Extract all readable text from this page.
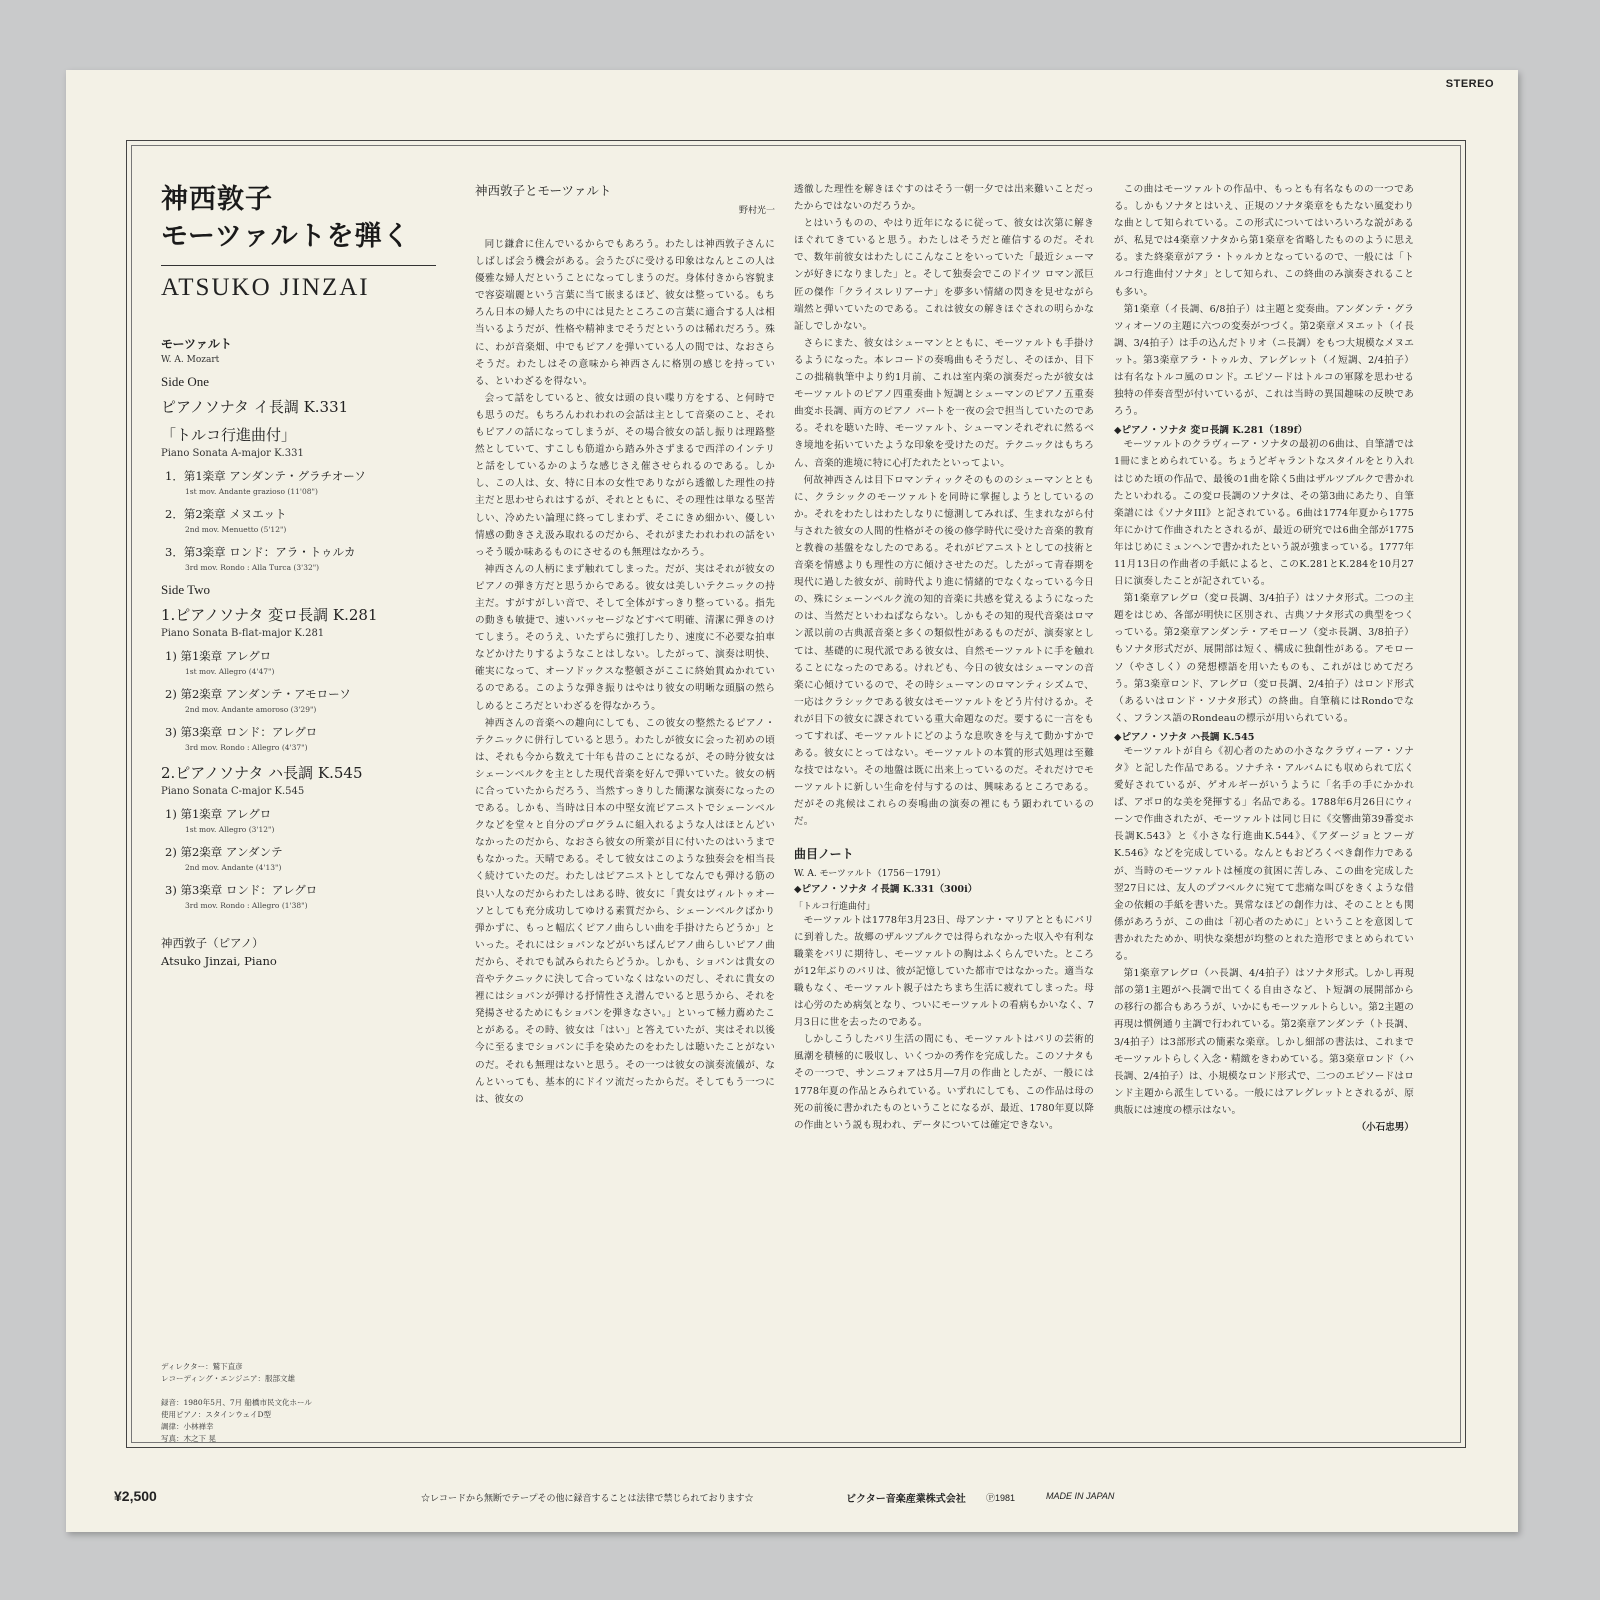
STEREO
神西敦子
モーツァルトを弾く
ATSUKO JINZAI
モーツァルト
W. A. Mozart
Side One
ピアノソナタ イ長調 K.331
「トルコ行進曲付」
Piano Sonata A-major K.331
1．第1楽章 アンダンテ・グラチオーソ
1st mov. Andante grazioso (11'08")
2．第2楽章 メヌエット
2nd mov. Menuetto (5'12")
3．第3楽章 ロンド：アラ・トゥルカ
3rd mov. Rondo : Alla Turca (3'32")
Side Two
1.ピアノソナタ 変ロ長調 K.281
Piano Sonata B-flat-major K.281
1) 第1楽章 アレグロ
1st mov. Allegro (4'47")
2) 第2楽章 アンダンテ・アモローソ
2nd mov. Andante amoroso (3'29")
3) 第3楽章 ロンド：アレグロ
3rd mov. Rondo : Allegro (4'37")
2.ピアノソナタ ハ長調 K.545
Piano Sonata C-major K.545
1) 第1楽章 アレグロ
1st mov. Allegro (3'12")
2) 第2楽章 アンダンテ
2nd mov. Andante (4'13")
3) 第3楽章 ロンド：アレグロ
3rd mov. Rondo : Allegro (1'38")
神西敦子（ピアノ）
Atsuko Jinzai, Piano
ディレクター：鷲下直彦
レコーディング・エンジニア：服部文雄

録音：1980年5月、7月 船橋市民文化ホール
使用ピアノ：スタインウェイD型
調律：小林禅幸
写真：木之下 晃
神西敦子とモーツァルト
野村光一

同じ鎌倉に住んでいるからでもあろう。わたしは神西敦子さんにしばしば会う機会がある。会うたびに受ける印象はなんとこの人は優雅な婦人だということになってしまうのだ。身体付きから容貌まで容姿端麗という言葉に当て嵌まるほど、彼女は整っている。もちろん日本の婦人たちの中には見たところこの言葉に適合する人は相当いるようだが、性格や精神までそうだというのは稀れだろう。殊に、わが音楽畑、中でもピアノを弾いている人の間では、なおさらそうだ。わたしはその意味から神西さんに格別の感じを持っている、といわざるを得ない。

会って話をしていると、彼女は頭の良い喋り方をする、と何時でも思うのだ。もちろんわれわれの会話は主として音楽のこと、それもピアノの話になってしまうが、その場合彼女の話し振りは理路整然としていて、すこしも筋道から踏み外さずまるで西洋のインテリと話をしているかのような感じさえ催させられるのである。しかし、この人は、女、特に日本の女性でありながら透徹した理性の持主だと思わせられはするが、それとともに、その理性は単なる堅苦しい、冷めたい論理に終ってしまわず、そこにきめ細かい、優しい情感の動きさえ汲み取れるのだから、それがまたわれわれの話をいっそう暖か味あるものにさせるのも無理はなかろう。

神西さんの人柄にまず触れてしまった。だが、実はそれが彼女のピアノの弾き方だと思うからである。彼女は美しいテクニックの持主だ。すがすがしい音で、そして全体がすっきり整っている。指先の動きも敏捷で、速いパッセージなどすべて明確、清潔に弾きのけてしまう。そのうえ、いたずらに強打したり、速度に不必要な拍車などかけたりするようなことはしない。したがって、演奏は明快、確実になって、オーソドックスな整頓さがここに終始貫ぬかれているのである。このような弾き振りはやはり彼女の明晰な頭脳の然らしめるところだといわざるを得なかろう。

神西さんの音楽への趣向にしても、この彼女の整然たるピアノ・テクニックに併行していると思う。わたしが彼女に会った初めの頃は、それも今から数えて十年も昔のことになるが、その時分彼女はシェーンベルクを主とした現代音楽を好んで弾いていた。彼女の柄に合っていたからだろう、当然すっきりした簡潔な演奏になったのである。しかも、当時は日本の中堅女流ピアニストでシェーンベルクなどを堂々と自分のプログラムに組入れるような人はほとんどいなかったのだから、なおさら彼女の所業が目に付いたのはいうまでもなかった。天晴である。そして彼女はこのような独奏会を相当長く続けていたのだ。わたしはピアニストとしてなんでも弾ける筋の良い人なのだからわたしはある時、彼女に「貴女はヴィルトゥオーソとしても充分成功してゆける素質だから、シェーンベルクばかり弾かずに、もっと幅広くピアノ曲らしい曲を手掛けたらどうか」といった。それにはショパンなどがいちばんピアノ曲らしいピアノ曲だから、それでも試みられたらどうか。しかも、ショパンは貴女の音やテクニックに決して合っていなくはないのだし、それに貴女の裡にはショパンが弾ける抒情性さえ潜んでいると思うから、それを発揚させるためにもショパンを弾きなさい。」といって極力薦めたことがある。その時、彼女は「はい」と答えていたが、実はそれ以後今に至るまでショパンに手を染めたのをわたしは聴いたことがないのだ。それも無理はないと思う。その一つは彼女の演奏流儀が、なんといっても、基本的にドイツ流だったからだ。そしてもう一つには、彼女の

透徹した理性を解きほぐすのはそう一朝一夕では出来難いことだったからではないのだろうか。

とはいうものの、やはり近年になるに従って、彼女は次第に解きほぐれてきていると思う。わたしはそうだと確信するのだ。それで、数年前彼女はわたしにこんなことをいっていた「最近シューマンが好きになりました」と。そして独奏会でこのドイツ ロマン派巨匠の傑作「クライスレリアーナ」を夢多い情緒の閃きを見せながら端然と弾いていたのである。これは彼女の解きほぐされの明らかな証しでしかない。

さらにまた、彼女はシューマンとともに、モーツァルトも手掛けるようになった。本レコードの奏鳴曲もそうだし、そのほか、目下この拙稿執筆中より約1月前、これは室内楽の演奏だったが彼女はモーツァルトのピアノ四重奏曲ト短調とシューマンのピアノ五重奏曲変ホ長調、両方のピアノ パートを一夜の会で担当していたのである。それを聴いた時、モーツァルト、シューマンそれぞれに然るべき境地を拓いていたような印象を受けたのだ。テクニックはもちろん、音楽的進境に特に心打たれたといってよい。

何故神西さんは目下ロマンティックそのもののシューマンとともに、クラシックのモーツァルトを同時に掌握しようとしているのか。それをわたしはわたしなりに憶測してみれば、生まれながら付与された彼女の人間的性格がその後の修学時代に受けた音楽的教育と教養の基盤をなしたのである。それがピアニストとしての技術と音楽を情感よりも理性の方に傾けさせたのだ。したがって青春期を現代に過した彼女が、前時代より進に情緒的でなくなっている今日の、殊にシェーンベルク流の知的音楽に共感を覚えるようになったのは、当然だといわねばならない。しかもその知的現代音楽はロマン派以前の古典派音楽と多くの類似性があるものだが、演奏家としては、基礎的に現代派である彼女は、自然モーツァルトに手を触れることになったのである。けれども、今日の彼女はシューマンの音楽に心傾けているので、その時シューマンのロマンティシズムで、一応はクラシックである彼女はモーツァルトをどう片付けるか。それが目下の彼女に課されている重大命題なのだ。要するに一言をもってすれば、モーツァルトにどのような息吹きを与えて動かすかである。彼女にとってはない。モーツァルトの本質的形式処理は至難な技ではない。その地盤は既に出来上っているのだ。それだけでモーツァルトに新しい生命を付与するのは、興味あるところである。だがその兆候はこれらの奏鳴曲の演奏の裡にもう顕われているのだ。

曲目ノート
W. A. モーツァルト（1756－1791）
◆ピアノ・ソナタ イ長調 K.331（300i）
「トルコ行進曲付」

モーツァルトは1778年3月23日、母アンナ・マリアとともにパリに到着した。故郷のザルツブルクでは得られなかった収入や有利な職業をパリに期待し、モーツァルトの胸はふくらんでいた。ところが12年ぶりのパリは、彼が記憶していた都市ではなかった。適当な職もなく、モーツァルト親子はたちまち生活に疲れてしまった。母は心労のため病気となり、ついにモーツァルトの看病もかいなく、7月3日に世を去ったのである。

しかしこうしたパリ生活の間にも、モーツァルトはパリの芸術的風潮を積極的に吸収し、いくつかの秀作を完成した。このソナタもその一つで、サンニフォアは5月―7月の作曲としたが、一般には1778年夏の作品とみられている。いずれにしても、この作品は母の死の前後に書かれたものということになるが、最近、1780年夏以降の作曲という説も現われ、データについては確定できない。

この曲はモーツァルトの作品中、もっとも有名なものの一つである。しかもソナタとはいえ、正規のソナタ楽章をもたない風変わりな曲として知られている。この形式についてはいろいろな説があるが、私見では4楽章ソナタから第1楽章を省略したもののように思える。また終楽章がアラ・トゥルカとなっているので、一般には「トルコ行進曲付ソナタ」として知られ、この終曲のみ演奏されることも多い。

第1楽章（イ長調、6/8拍子）は主題と変奏曲。アンダンテ・グラツィオーソの主題に六つの変奏がつづく。第2楽章メヌエット（イ長調、3/4拍子）は手の込んだトリオ（ニ長調）をもつ大規模なメヌエット。第3楽章アラ・トゥルカ、アレグレット（イ短調、2/4拍子）は有名なトルコ風のロンド。エピソードはトルコの軍隊を思わせる独特の伴奏音型が付いているが、これは当時の異国趣味の反映であろう。

◆ピアノ・ソナタ 変ロ長調 K.281（189f）

モーツァルトのクラヴィーア・ソナタの最初の6曲は、自筆譜では1冊にまとめられている。ちょうどギャラントなスタイルをとり入れはじめた頃の作品で、最後の1曲を除く5曲はザルツブルクで書かれたといわれる。この変ロ長調のソナタは、その第3曲にあたり、自筆楽譜には《ソナタIII》と記されている。6曲は1774年夏から1775年にかけて作曲されたとされるが、最近の研究では6曲全部が1775年はじめにミュンヘンで書かれたという説が強まっている。1777年11月13日の作曲者の手紙によると、このK.281とK.284を10月27日に演奏したことが記されている。

第1楽章アレグロ（変ロ長調、3/4拍子）はソナタ形式。二つの主題をはじめ、各部が明快に区別され、古典ソナタ形式の典型をつくっている。第2楽章アンダンテ・アモローソ（変ホ長調、3/8拍子）もソナタ形式だが、展開部は短く、構成に独創性がある。アモローソ（やさしく）の発想標語を用いたものも、これがはじめてだろう。第3楽章ロンド、アレグロ（変ロ長調、2/4拍子）はロンド形式（あるいはロンド・ソナタ形式）の終曲。自筆稿にはRondoでなく、フランス語のRondeauの標示が用いられている。

◆ピアノ・ソナタ ハ長調 K.545

モーツァルトが自ら《初心者のための小さなクラヴィーア・ソナタ》と記した作品である。ソナチネ・アルバムにも収められて広く愛好されているが、ゲオルギーがいうように「名手の手にかかれば、アポロ的な美を発揮する」名品である。1788年6月26日にウィーンで作曲されたが、モーツァルトは同じ日に《交響曲第39番変ホ長調K.543》と《小さな行進曲K.544》、《アダージョとフーガK.546》などを完成している。なんともおどろくべき創作力であるが、当時のモーツァルトは極度の貧困に苦しみ、この曲を完成した翌27日には、友人のプフベルクに宛てて悲痛な叫びをきくような借金の依頼の手紙を書いた。異常なほどの創作力は、そのこととも関係があろうが、この曲は「初心者のために」ということを意図して書かれたためか、明快な楽想が均整のとれた造形でまとめられている。

第1楽章アレグロ（ハ長調、4/4拍子）はソナタ形式。しかし再現部の第1主題がヘ長調で出てくる自由さなど、ト短調の展開部からの移行の都合もあろうが、いかにもモーツァルトらしい。第2主題の再現は慣例通り主調で行われている。第2楽章アンダンテ（ト長調、3/4拍子）は3部形式の簡素な楽章。しかし細部の書法は、これまでモーツァルトらしく入念・精緻をきわめている。第3楽章ロンド（ハ長調、2/4拍子）は、小規模なロンド形式で、二つのエピソードはロンド主題から派生している。一般にはアレグレットとされるが、原典版には速度の標示はない。

（小石忠男）
¥2,500	☆レコードから無断でテープその他に録音することは法律で禁じられております☆	ビクター音楽産業株式会社 Ⓟ1981	MADE IN JAPAN
